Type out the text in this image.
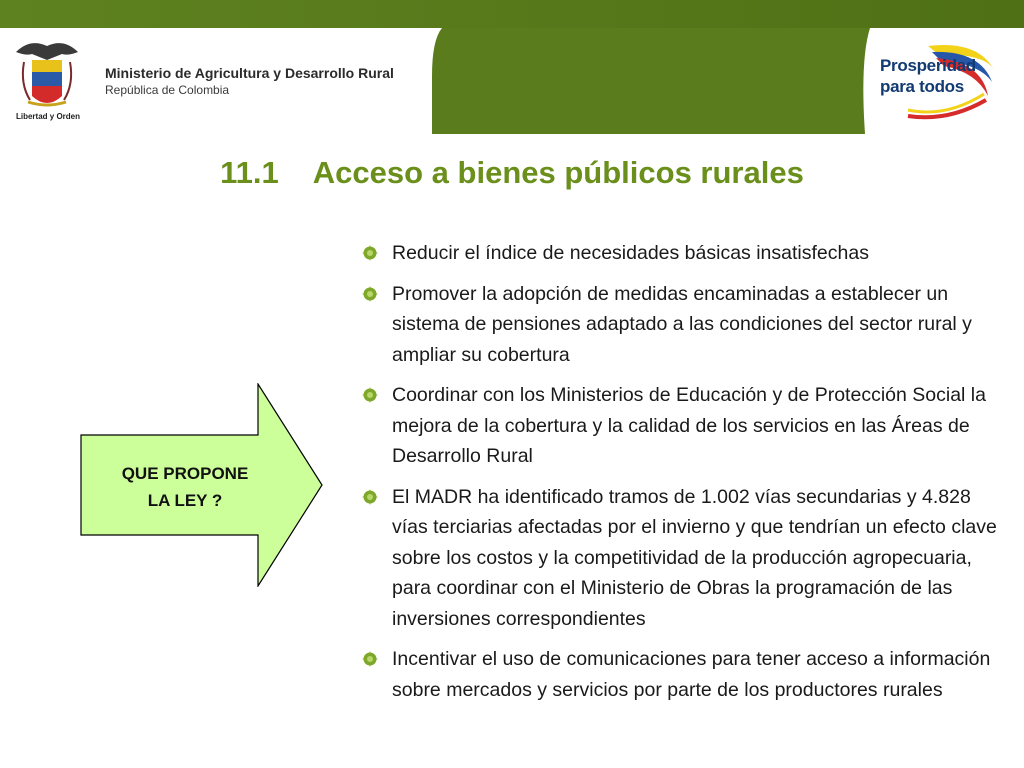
Libertad y Orden
Ministerio de Agricultura y Desarrollo Rural
República de Colombia
Prosperidad
para todos
11.1 Acceso a bienes públicos rurales
QUE PROPONE
LA LEY ?
Reducir el índice de necesidades básicas insatisfechas
Promover la adopción de medidas encaminadas a establecer un sistema de pensiones adaptado a las condiciones del sector rural y ampliar su cobertura
Coordinar con los Ministerios de Educación y de Protección Social la mejora de la cobertura y la calidad de los servicios en las Áreas de Desarrollo Rural
El MADR ha identificado tramos de 1.002 vías secundarias y 4.828 vías terciarias afectadas por el invierno y que tendrían un efecto clave sobre los costos y la competitividad de la producción agropecuaria, para coordinar con el Ministerio de Obras la programación de las inversiones correspondientes
Incentivar el uso de comunicaciones para tener acceso a información sobre mercados y servicios por parte de los productores rurales
